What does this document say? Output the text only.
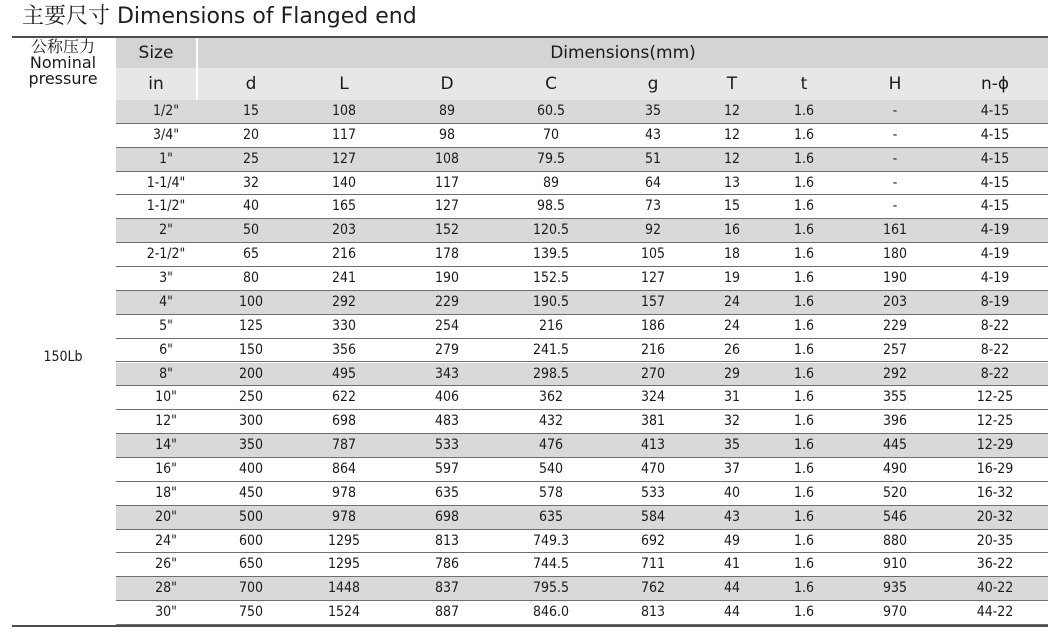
主要尺寸 Dimensions of Flanged end
公称压力
Nominal
pressure
Size	Dimensions(mm)
in	d	L	D	C	g	T	t	H	n-ϕ
150Lb
1/2"	15	108	89	60.5	35	12	1.6	-	4-15
3/4"	20	117	98	70	43	12	1.6	-	4-15
1"	25	127	108	79.5	51	12	1.6	-	4-15
1-1/4"	32	140	117	89	64	13	1.6	-	4-15
1-1/2"	40	165	127	98.5	73	15	1.6	-	4-15
2"	50	203	152	120.5	92	16	1.6	161	4-19
2-1/2"	65	216	178	139.5	105	18	1.6	180	4-19
3"	80	241	190	152.5	127	19	1.6	190	4-19
4"	100	292	229	190.5	157	24	1.6	203	8-19
5"	125	330	254	216	186	24	1.6	229	8-22
6"	150	356	279	241.5	216	26	1.6	257	8-22
8"	200	495	343	298.5	270	29	1.6	292	8-22
10"	250	622	406	362	324	31	1.6	355	12-25
12"	300	698	483	432	381	32	1.6	396	12-25
14"	350	787	533	476	413	35	1.6	445	12-29
16"	400	864	597	540	470	37	1.6	490	16-29
18"	450	978	635	578	533	40	1.6	520	16-32
20"	500	978	698	635	584	43	1.6	546	20-32
24"	600	1295	813	749.3	692	49	1.6	880	20-35
26"	650	1295	786	744.5	711	41	1.6	910	36-22
28"	700	1448	837	795.5	762	44	1.6	935	40-22
30"	750	1524	887	846.0	813	44	1.6	970	44-22
